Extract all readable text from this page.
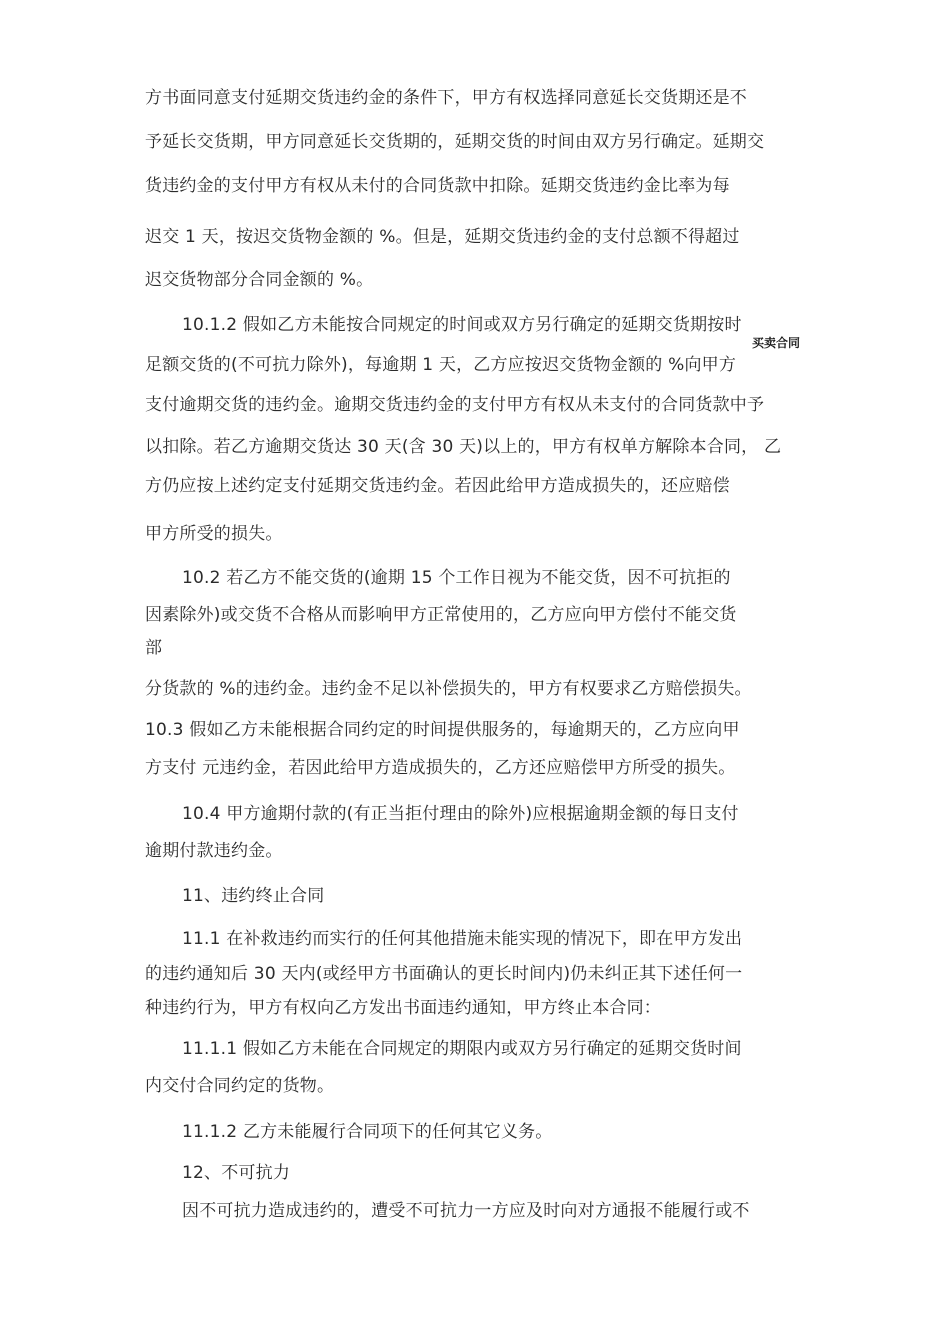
买卖合同
方书面同意支付延期交货违约金的条件下，甲方有权选择同意延长交货期还是不
予延长交货期，甲方同意延长交货期的，延期交货的时间由双方另行确定。延期交
货违约金的支付甲方有权从未付的合同货款中扣除。延期交货违约金比率为每
迟交 1 天，按迟交货物金额的 %。但是，延期交货违约金的支付总额不得超过
迟交货物部分合同金额的 %。
10.1.2 假如乙方未能按合同规定的时间或双方另行确定的延期交货期按时
足额交货的(不可抗力除外)，每逾期 1 天，乙方应按迟交货物金额的 %向甲方
支付逾期交货的违约金。逾期交货违约金的支付甲方有权从未支付的合同货款中予
以扣除。若乙方逾期交货达 30 天(含 30 天)以上的，甲方有权单方解除本合同， 乙
方仍应按上述约定支付延期交货违约金。若因此给甲方造成损失的，还应赔偿
甲方所受的损失。
10.2 若乙方不能交货的(逾期 15 个工作日视为不能交货，因不可抗拒的
因素除外)或交货不合格从而影响甲方正常使用的，乙方应向甲方偿付不能交货
部
分货款的 %的违约金。违约金不足以补偿损失的，甲方有权要求乙方赔偿损失。
10.3 假如乙方未能根据合同约定的时间提供服务的，每逾期天的，乙方应向甲
方支付 元违约金，若因此给甲方造成损失的，乙方还应赔偿甲方所受的损失。
10.4 甲方逾期付款的(有正当拒付理由的除外)应根据逾期金额的每日支付
逾期付款违约金。
11、违约终止合同
11.1 在补救违约而实行的任何其他措施未能实现的情况下，即在甲方发出
的违约通知后 30 天内(或经甲方书面确认的更长时间内)仍未纠正其下述任何一
种违约行为，甲方有权向乙方发出书面违约通知，甲方终止本合同：
11.1.1 假如乙方未能在合同规定的期限内或双方另行确定的延期交货时间
内交付合同约定的货物。
11.1.2 乙方未能履行合同项下的任何其它义务。
12、不可抗力
因不可抗力造成违约的，遭受不可抗力一方应及时向对方通报不能履行或不
